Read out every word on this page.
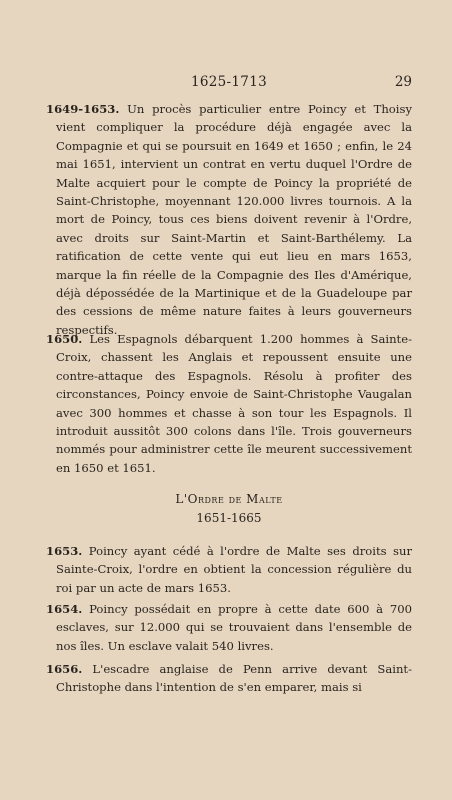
1625-1713	29
1649-1653. Un procès particulier entre Poincy et Thoisy vient compliquer la procédure déjà engagée avec la Compagnie et qui se poursuit en 1649 et 1650 ; enfin, le 24 mai 1651, intervient un contrat en vertu duquel l'Ordre de Malte acquiert pour le compte de Poincy la propriété de Saint-Christophe, moyennant 120.000 livres tournois. A la mort de Poincy, tous ces biens doivent revenir à l'Ordre, avec droits sur Saint-Martin et Saint-Barthélemy. La ratification de cette vente qui eut lieu en mars 1653, marque la fin réelle de la Compagnie des Iles d'Amérique, déjà dépossédée de la Martinique et de la Guadeloupe par des cessions de même nature faites à leurs gouverneurs respectifs.
1650. Les Espagnols débarquent 1.200 hommes à Sainte-Croix, chassent les Anglais et repoussent ensuite une contre-attaque des Espagnols. Résolu à profiter des circonstances, Poincy envoie de Saint-Christophe Vaugalan avec 300 hommes et chasse à son tour les Espagnols. Il introduit aussitôt 300 colons dans l'île. Trois gouverneurs nommés pour administrer cette île meurent successivement en 1650 et 1651.
L'Ordre de Malte
1651-1665
1653. Poincy ayant cédé à l'ordre de Malte ses droits sur Sainte-Croix, l'ordre en obtient la concession régulière du roi par un acte de mars 1653.
1654. Poincy possédait en propre à cette date 600 à 700 esclaves, sur 12.000 qui se trouvaient dans l'ensemble de nos îles. Un esclave valait 540 livres.
1656. L'escadre anglaise de Penn arrive devant Saint-Christophe dans l'intention de s'en emparer, mais si
